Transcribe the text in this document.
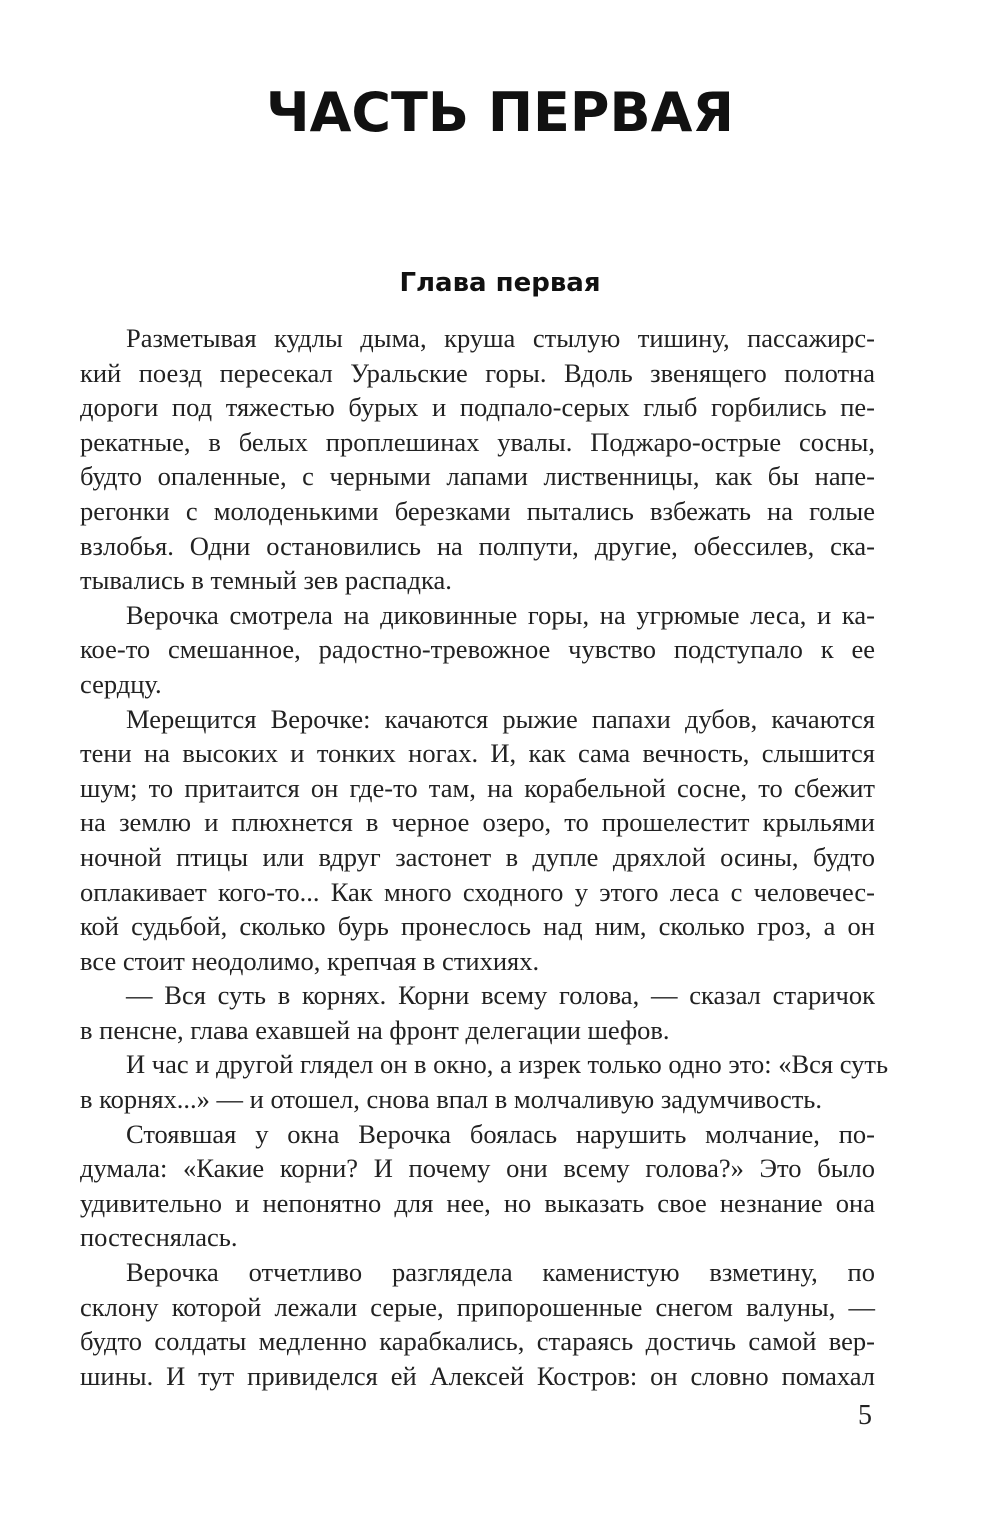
ЧАСТЬ ПЕРВАЯ
Глава первая
Разметывая кудлы дыма, круша стылую тишину, пассажирс-
кий поезд пересекал Уральские горы. Вдоль звенящего полотна
дороги под тяжестью бурых и подпало-серых глыб горбились пе-
рекатные, в белых проплешинах увалы. Поджаро-острые сосны,
будто опаленные, с черными лапами лиственницы, как бы напе-
регонки с молоденькими березками пытались взбежать на голые
взлобья. Одни остановились на полпути, другие, обессилев, ска-
тывались в темный зев распадка.
Верочка смотрела на диковинные горы, на угрюмые леса, и ка-
кое-то смешанное, радостно-тревожное чувство подступало к ее
сердцу.
Мерещится Верочке: качаются рыжие папахи дубов, качаются
тени на высоких и тонких ногах. И, как сама вечность, слышится
шум; то притаится он где-то там, на корабельной сосне, то сбежит
на землю и плюхнется в черное озеро, то прошелестит крыльями
ночной птицы или вдруг застонет в дупле дряхлой осины, будто
оплакивает кого-то... Как много сходного у этого леса с человечес-
кой судьбой, сколько бурь пронеслось над ним, сколько гроз, а он
все стоит неодолимо, крепчая в стихиях.
— Вся суть в корнях. Корни всему голова, — сказал старичок
в пенсне, глава ехавшей на фронт делегации шефов.
И час и другой глядел он в окно, а изрек только одно это: «Вся суть
в корнях...» — и отошел, снова впал в молчаливую задумчивость.
Стоявшая у окна Верочка боялась нарушить молчание, по-
думала: «Какие корни? И почему они всему голова?» Это было
удивительно и непонятно для нее, но выказать свое незнание она
постеснялась.
Верочка отчетливо разглядела каменистую взметину, по
склону которой лежали серые, припорошенные снегом валуны, —
будто солдаты медленно карабкались, стараясь достичь самой вер-
шины. И тут привиделся ей Алексей Костров: он словно помахал
5
